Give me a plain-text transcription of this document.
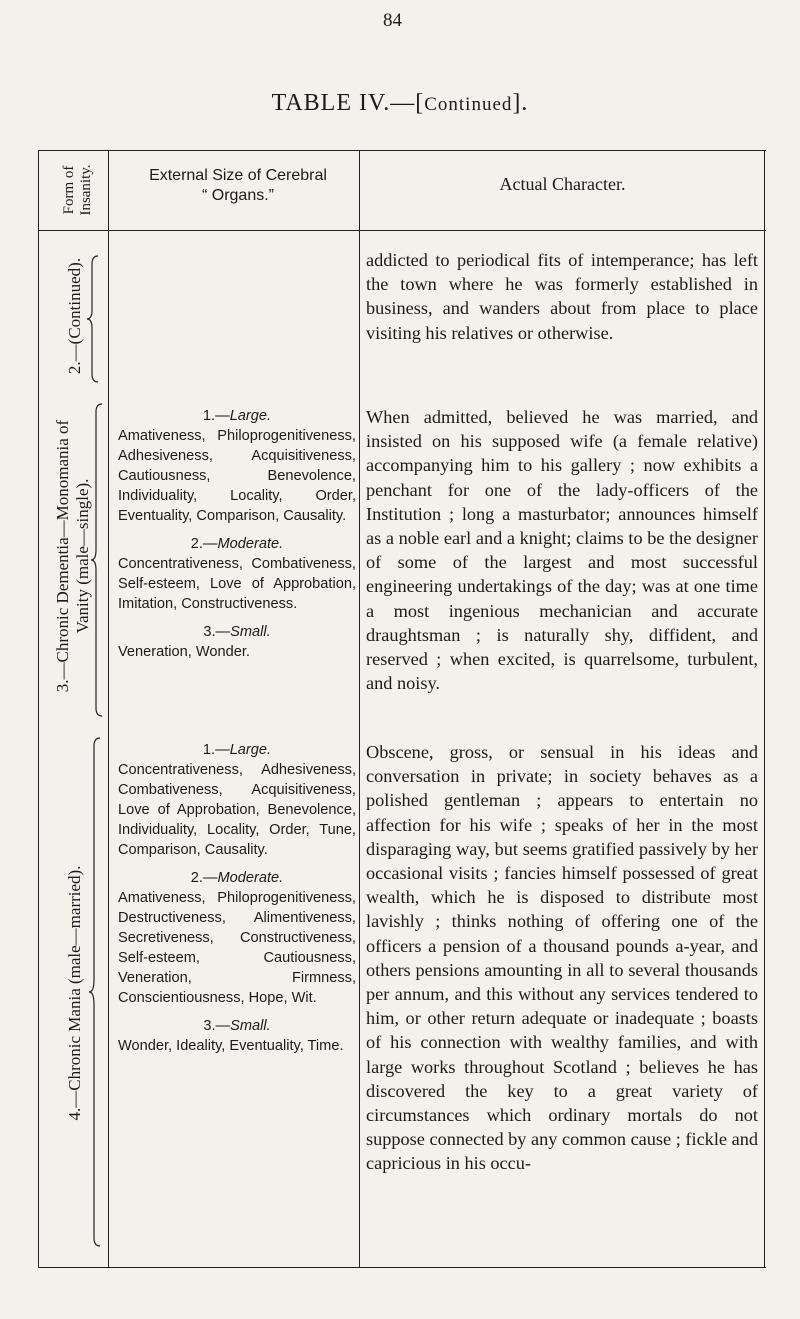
84
TABLE IV.—[Continued].
Form of Insanity.	External Size of Cerebral
“ Organs.”
Actual Character.
2.—(Continued).	addicted to periodical fits of intemperance; has left the town where he was formerly established in business, and wanders about from place to place visiting his relatives or otherwise.

3.—Chronic Dementia—Monomania of Vanity (male—single).

1.—Large.

Amativeness, Philoprogenitiveness, Adhesiveness, Acquisitiveness, Cautiousness, Benevolence, Individuality, Locality, Order, Eventuality, Comparison, Causality.

2.—Moderate.

Concentrativeness, Combativeness, Self-esteem, Love of Approbation, Imitation, Constructiveness.

3.—Small.

Veneration, Wonder.

When admitted, believed he was married, and insisted on his supposed wife (a female relative) accompanying him to his gallery ; now exhibits a penchant for one of the lady-officers of the Institution ; long a masturbator; announces himself as a noble earl and a knight; claims to be the designer of some of the largest and most successful engineering undertakings of the day; was at one time a most ingenious mechanician and accurate draughtsman ; is naturally shy, diffident, and reserved ; when excited, is quarrelsome, turbulent, and noisy.

4.—Chronic Mania (male—married).

1.—Large.

Concentrativeness, Adhesiveness, Combativeness, Acquisitiveness, Love of Approbation, Benevolence, Individuality, Locality, Order, Tune, Comparison, Causality.

2.—Moderate.

Amativeness, Philoprogenitiveness, Destructiveness, Alimentiveness, Secretiveness, Constructiveness, Self-esteem, Cautiousness, Veneration, Firmness, Conscientiousness, Hope, Wit.

3.—Small.

Wonder, Ideality, Eventuality, Time.

Obscene, gross, or sensual in his ideas and conversation in private; in society behaves as a polished gentleman ; appears to entertain no affection for his wife ; speaks of her in the most disparaging way, but seems gratified passively by her occasional visits ; fancies himself possessed of great wealth, which he is disposed to distribute most lavishly ; thinks nothing of offering one of the officers a pension of a thousand pounds a-year, and others pensions amounting in all to several thousands per annum, and this without any services tendered to him, or other return adequate or inadequate ; boasts of his connection with wealthy families, and with large works throughout Scotland ; believes he has discovered the key to a great variety of circumstances which ordinary mortals do not suppose connected by any common cause ; fickle and capricious in his occu-
